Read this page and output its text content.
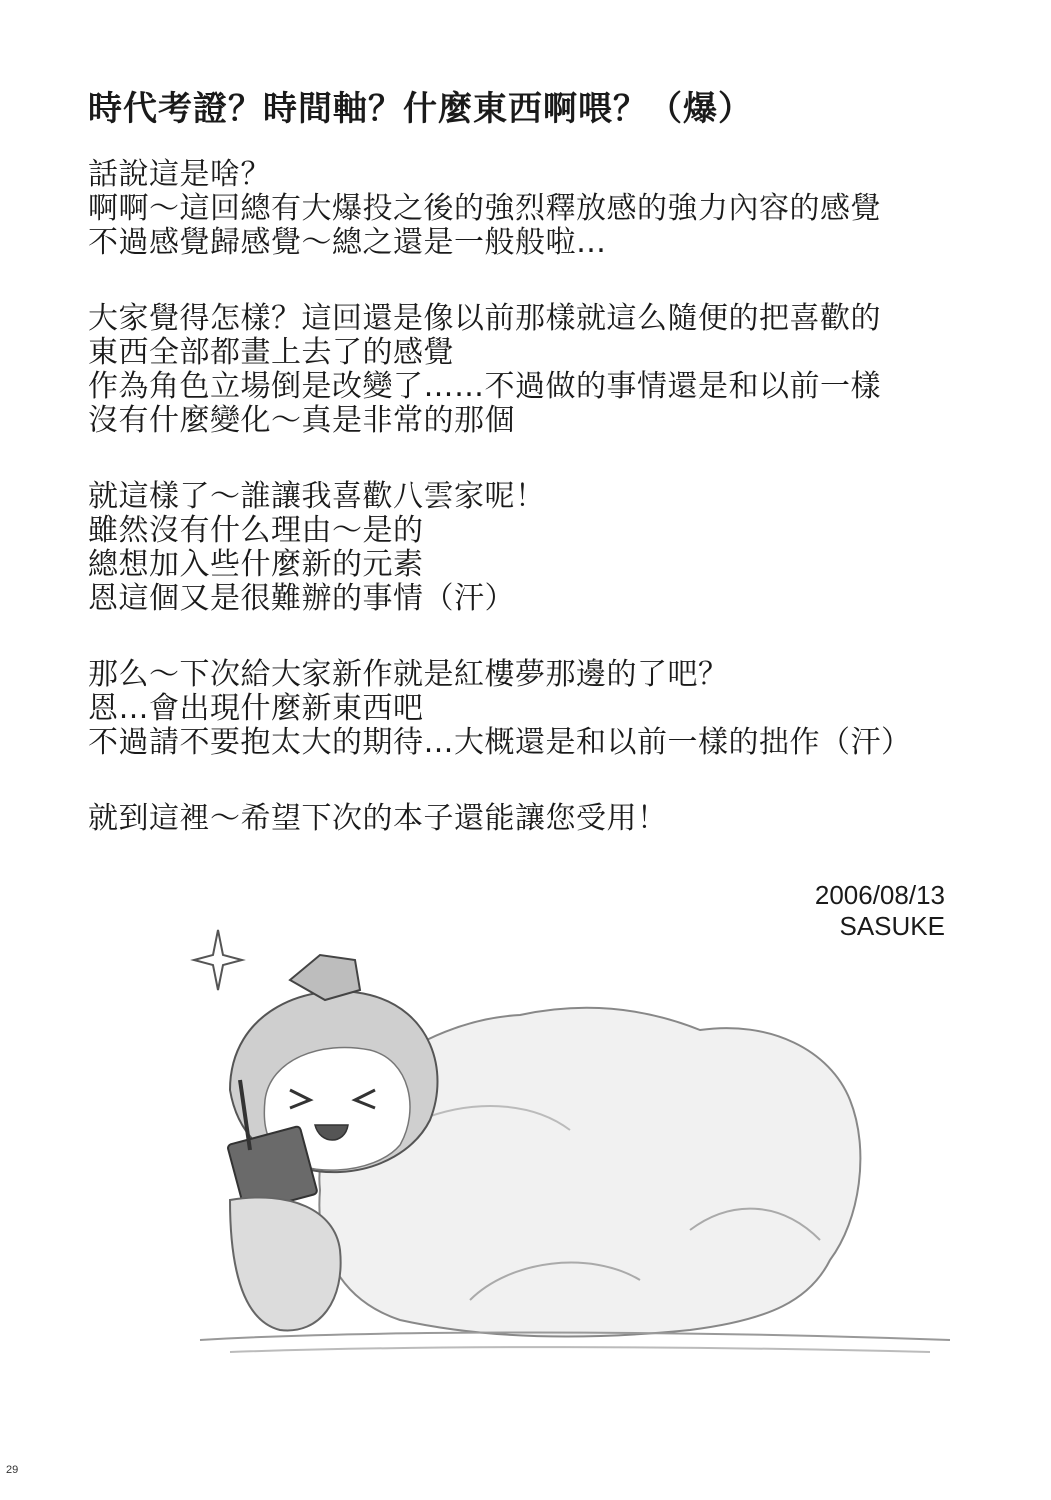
時代考證？時間軸？什麼東西啊喂？（爆）

話說這是啥？
啊啊～這回總有大爆投之後的強烈釋放感的強力內容的感覺
不過感覺歸感覺～總之還是一般般啦…

大家覺得怎樣？這回還是像以前那樣就這么隨便的把喜歡的
東西全部都畫上去了的感覺
作為角色立場倒是改變了……不過做的事情還是和以前一樣
沒有什麼變化～真是非常的那個

就這樣了～誰讓我喜歡八雲家呢！
雖然沒有什么理由～是的
總想加入些什麼新的元素
恩這個又是很難辦的事情（汗）

那么～下次給大家新作就是紅樓夢那邊的了吧？
恩…會出現什麼新東西吧
不過請不要抱太大的期待…大概還是和以前一樣的拙作（汗）

就到這裡～希望下次的本子還能讓您受用！

2006/08/13
SASUKE
29
